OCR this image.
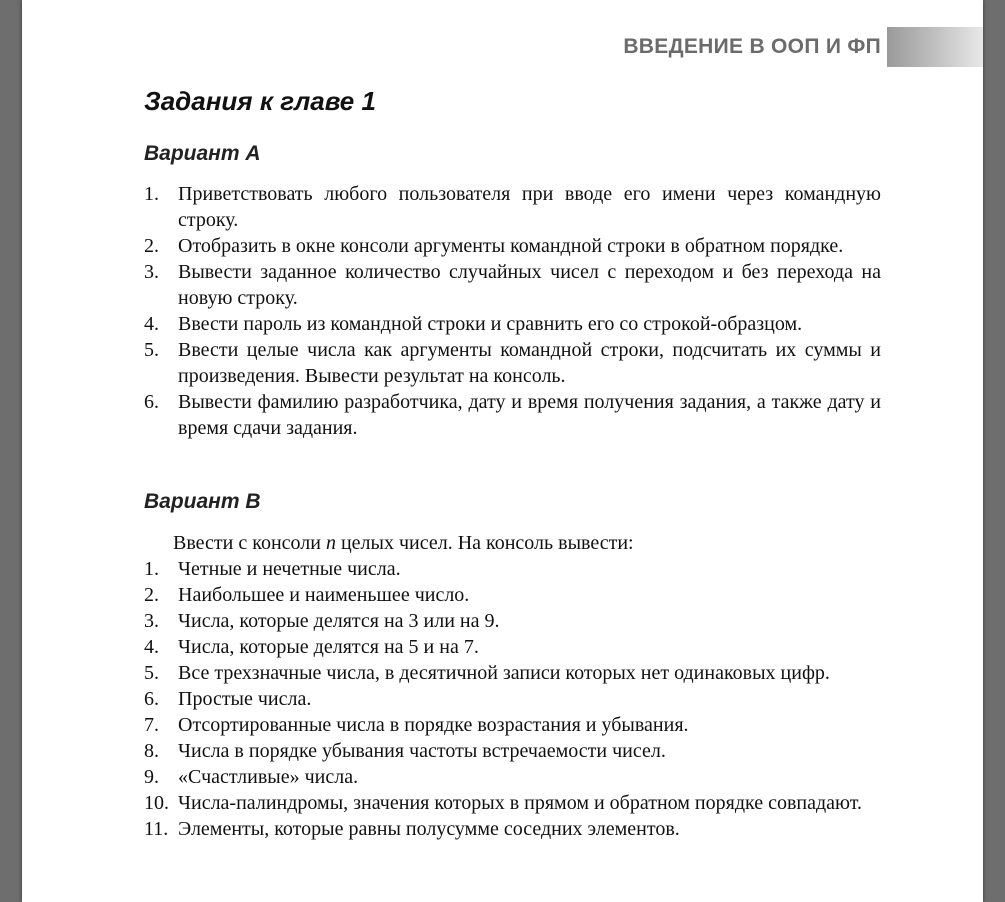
ВВЕДЕНИЕ В ООП И ФП
Задания к главе 1
Вариант A
1. Приветствовать любого пользователя при вводе его имени через командную строку.
2. Отобразить в окне консоли аргументы командной строки в обратном порядке.
3. Вывести заданное количество случайных чисел с переходом и без перехода на новую строку.
4. Ввести пароль из командной строки и сравнить его со строкой-образцом.
5. Ввести целые числа как аргументы командной строки, подсчитать их суммы и произведения. Вывести результат на консоль.
6. Вывести фамилию разработчика, дату и время получения задания, а также дату и время сдачи задания.
Вариант B

Ввести с консоли n целых чисел. На консоль вывести:

1. Четные и нечетные числа.
2. Наибольшее и наименьшее число.
3. Числа, которые делятся на 3 или на 9.
4. Числа, которые делятся на 5 и на 7.
5. Все трехзначные числа, в десятичной записи которых нет одинаковых цифр.
6. Простые числа.
7. Отсортированные числа в порядке возрастания и убывания.
8. Числа в порядке убывания частоты встречаемости чисел.
9. «Счастливые» числа.
10. Числа-палиндромы, значения которых в прямом и обратном порядке совпадают.
11. Элементы, которые равны полусумме соседних элементов.
